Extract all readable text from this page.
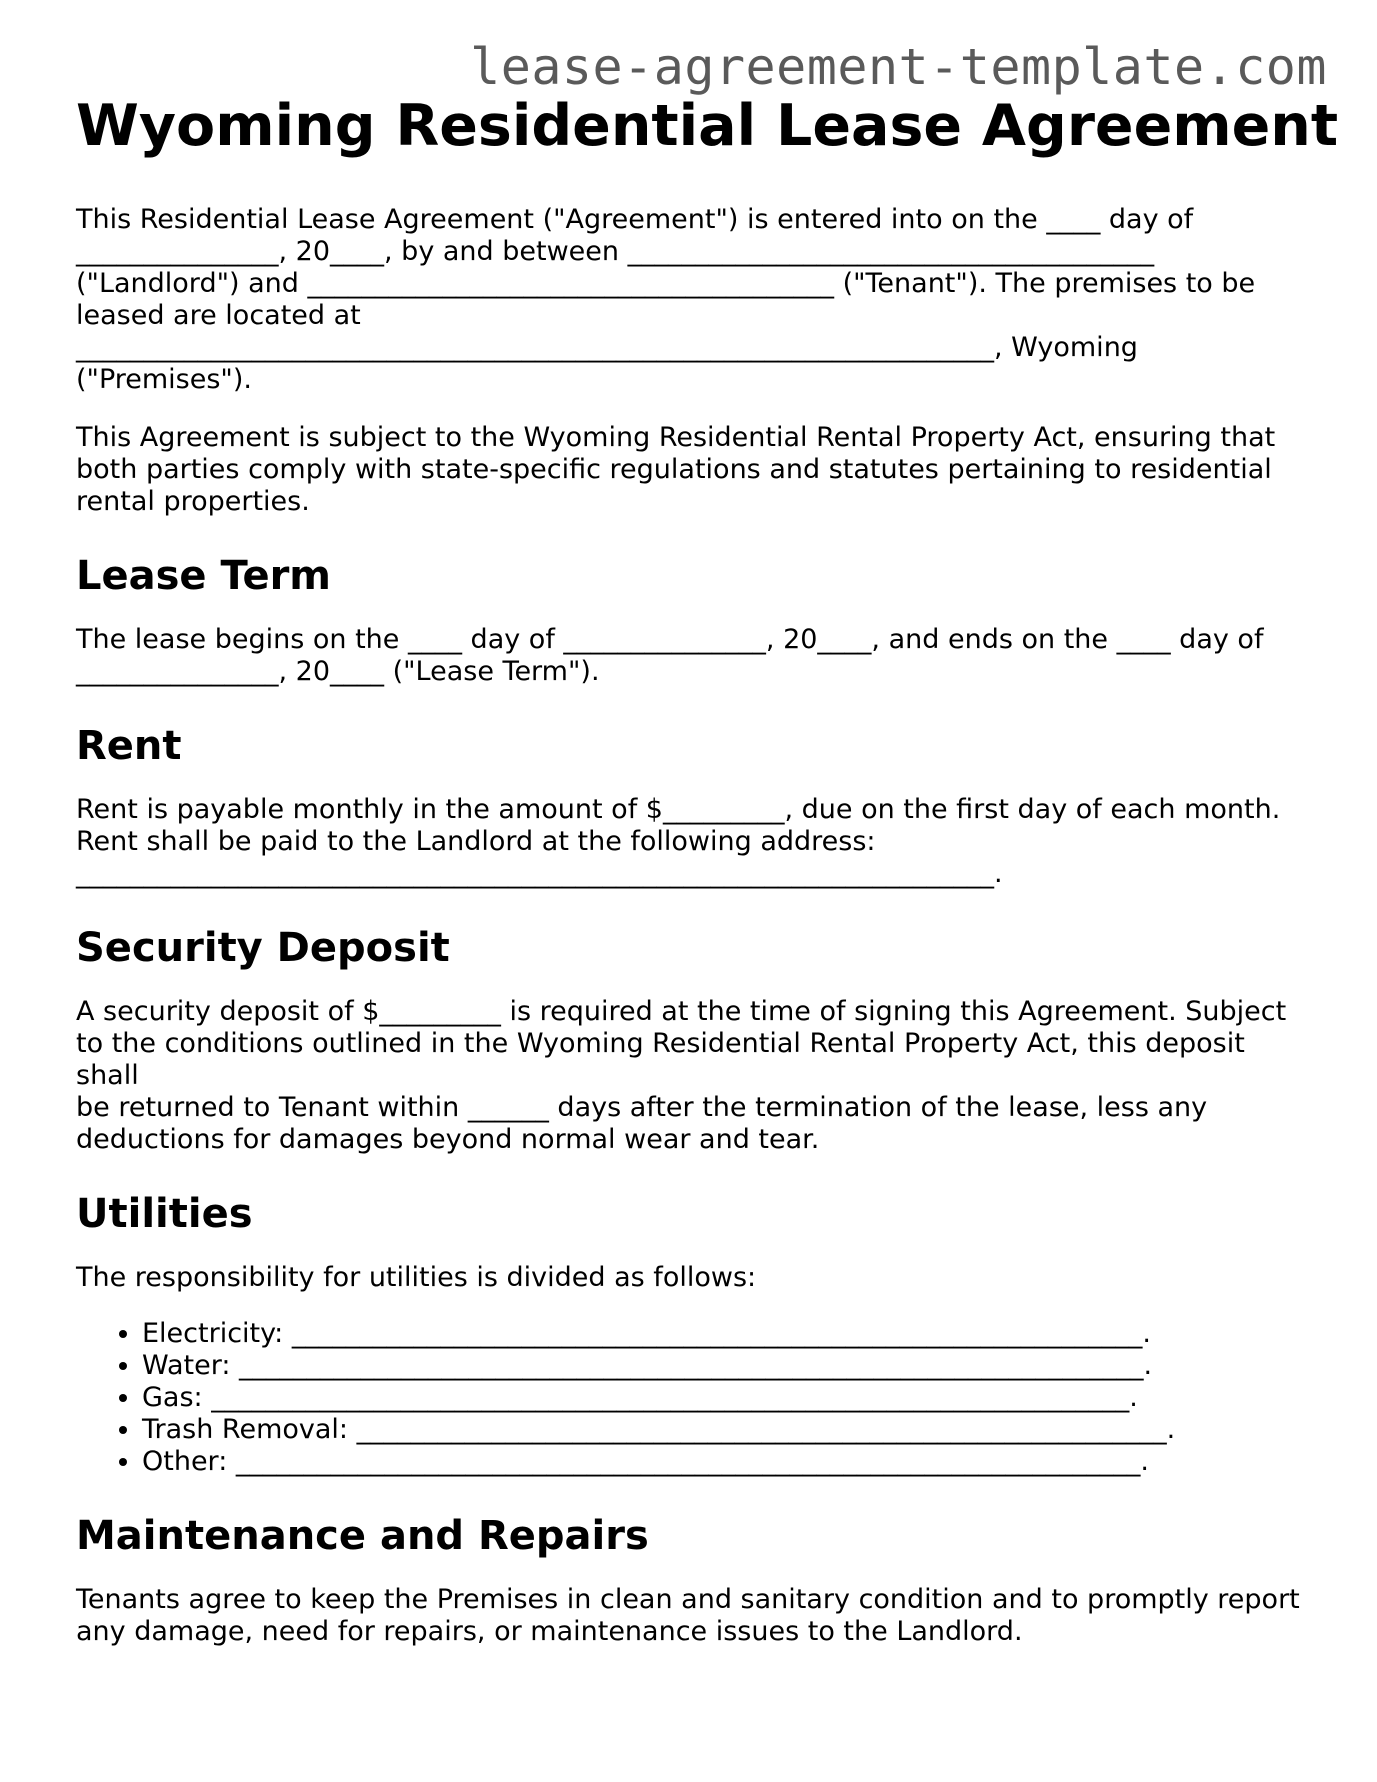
lease-agreement-template.com
Wyoming Residential Lease Agreement

This Residential Lease Agreement ("Agreement") is entered into on the ____ day of
_______________, 20____, by and between _______________________________________
("Landlord") and _______________________________________ ("Tenant"). The premises to be
leased are located at
____________________________________________________________________, Wyoming
("Premises").

This Agreement is subject to the Wyoming Residential Rental Property Act, ensuring that
both parties comply with state-specific regulations and statutes pertaining to residential
rental properties.

Lease Term

The lease begins on the ____ day of _______________, 20____, and ends on the ____ day of
_______________, 20____ ("Lease Term").

Rent

Rent is payable monthly in the amount of $_________, due on the first day of each month.
Rent shall be paid to the Landlord at the following address:
____________________________________________________________________.

Security Deposit

A security deposit of $_________ is required at the time of signing this Agreement. Subject
to the conditions outlined in the Wyoming Residential Rental Property Act, this deposit shall
be returned to Tenant within ______ days after the termination of the lease, less any
deductions for damages beyond normal wear and tear.

Utilities

The responsibility for utilities is divided as follows:

• Electricity: _______________________________________________________________.
• Water: ___________________________________________________________________.
• Gas: ____________________________________________________________________.
• Trash Removal: ____________________________________________________________.
• Other: ___________________________________________________________________.
Maintenance and Repairs

Tenants agree to keep the Premises in clean and sanitary condition and to promptly report
any damage, need for repairs, or maintenance issues to the Landlord.
